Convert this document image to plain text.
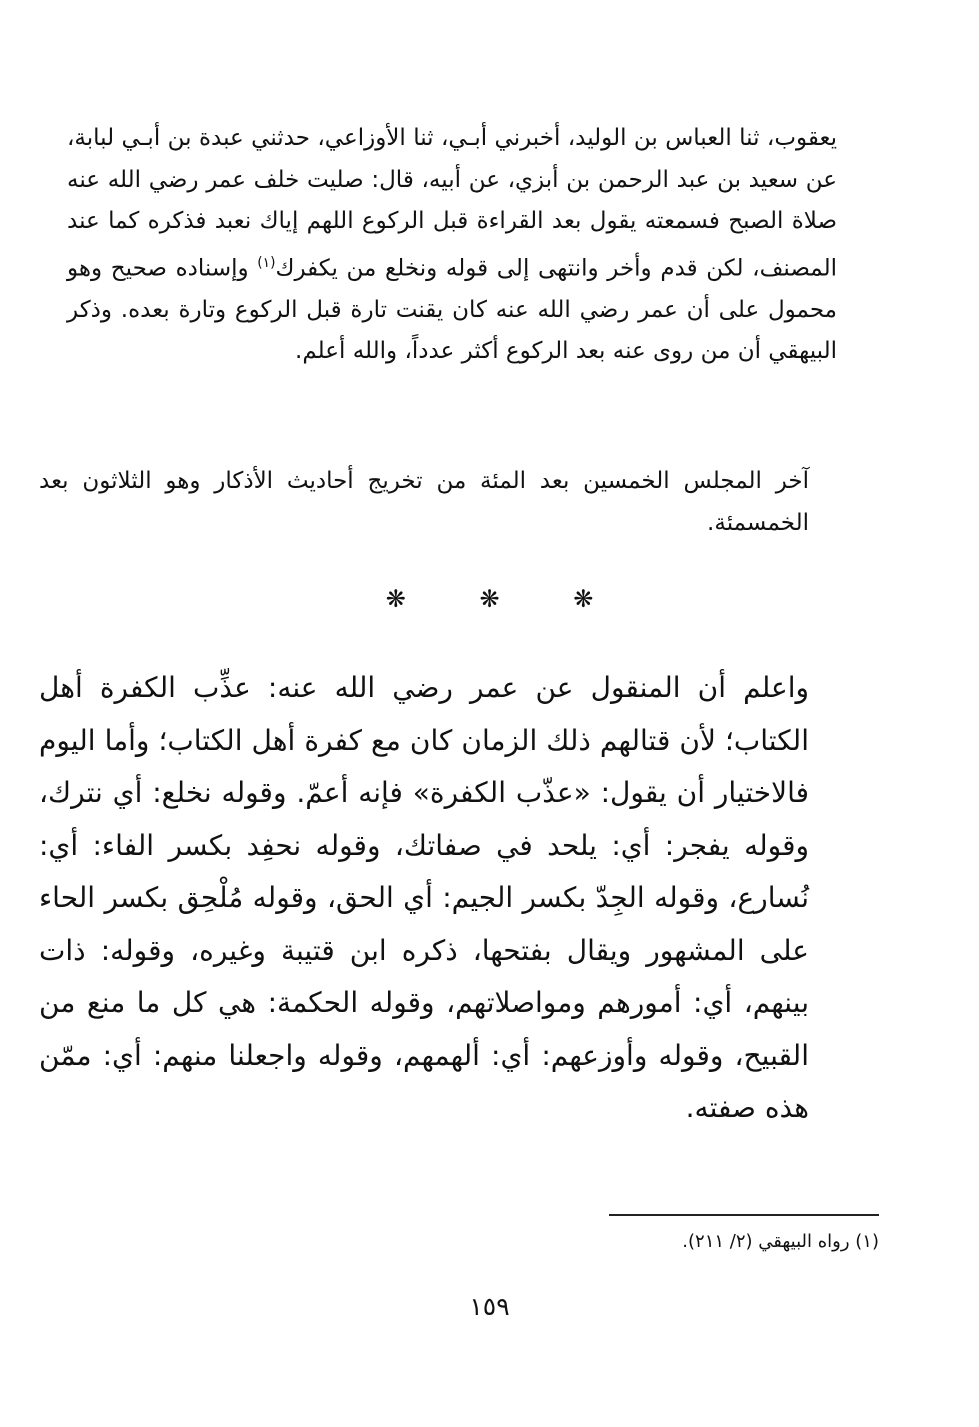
يعقوب، ثنا العباس بن الوليد، أخبرني أبـي، ثنا الأوزاعي، حدثني عبدة بن أبـي لبابة، عن سعيد بن عبد الرحمن بن أبزي، عن أبيه، قال: صليت خلف عمر رضي الله عنه صلاة الصبح فسمعته يقول بعد القراءة قبل الركوع اللهم إياك نعبد فذكره كما عند المصنف، لكن قدم وأخر وانتهى إلى قوله ونخلع من يكفرك$^{(١)}$ وإسناده صحيح وهو محمول على أن عمر رضي الله عنه كان يقنت تارة قبل الركوع وتارة بعده. وذكر البيهقي أن من روى عنه بعد الركوع أكثر عدداً، والله أعلم.
آخر المجلس الخمسين بعد المئة من تخريج أحاديث الأذكار وهو الثلاثون بعد الخمسمئة.
❋	❋	❋
واعلم أن المنقول عن عمر رضي الله عنه: عذِّب الكفرة أهل الكتاب؛ لأن قتالهم ذلك الزمان كان مع كفرة أهل الكتاب؛ وأما اليوم فالاختيار أن يقول: «عذّب الكفرة» فإنه أعمّ. وقوله نخلع: أي نترك، وقوله يفجر: أي: يلحد في صفاتك، وقوله نحفِد بكسر الفاء: أي: نُسارع، وقوله الجِدّ بكسر الجيم: أي الحق، وقوله مُلْحِق بكسر الحاء على المشهور ويقال بفتحها، ذكره ابن قتيبة وغيره، وقوله: ذات بينهم، أي: أمورهم ومواصلاتهم، وقوله الحكمة: هي كل ما منع من القبيح، وقوله وأوزعهم: أي: ألهمهم، وقوله واجعلنا منهم: أي: ممّن هذه صفته.
(١) رواه البيهقي (٢/ ٢١١).
١٥٩
